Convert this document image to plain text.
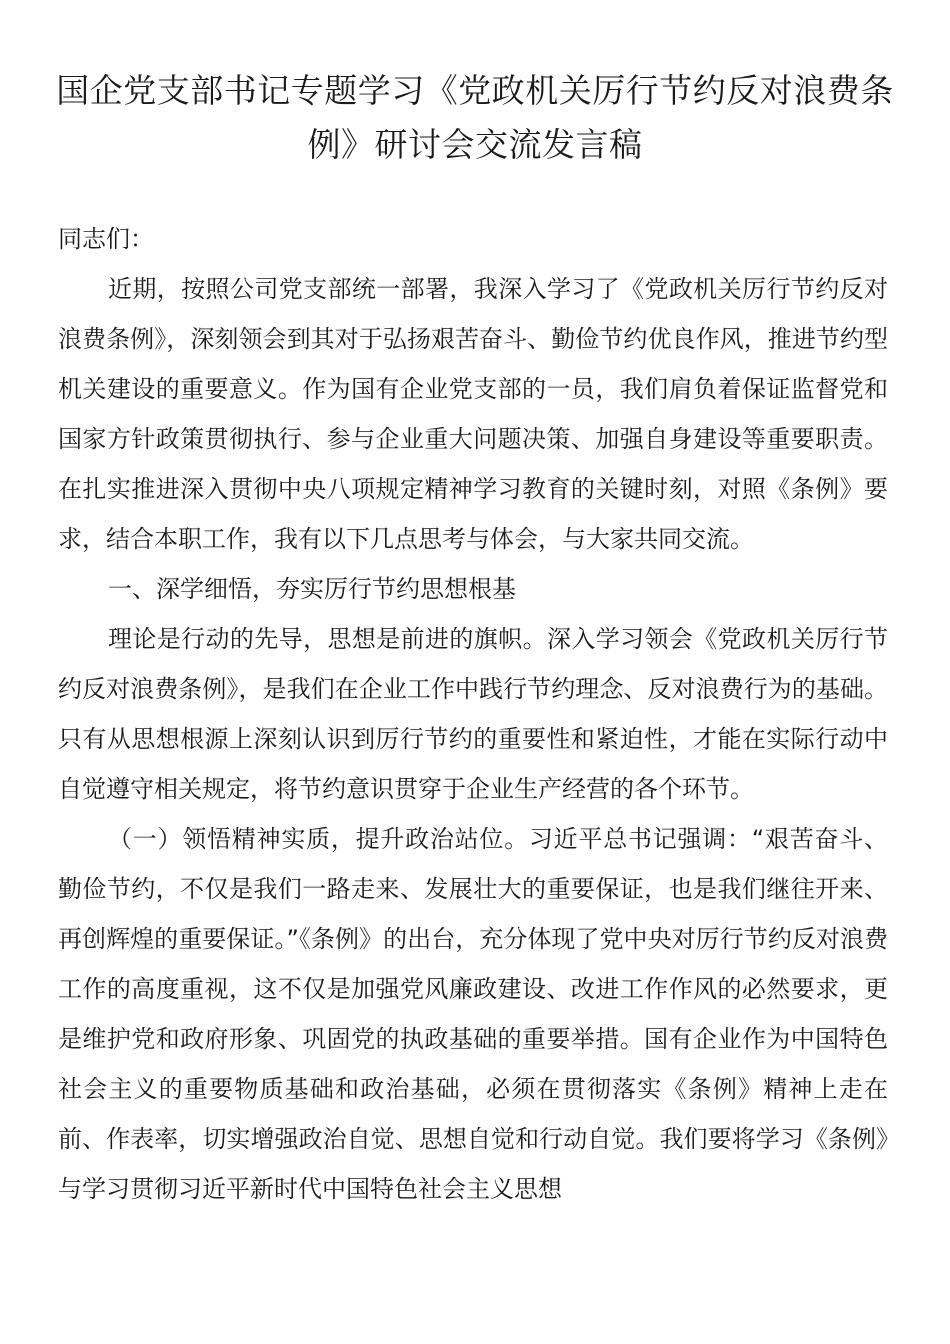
国企党支部书记专题学习《党政机关厉行节约反对浪费条例》研讨会交流发言稿

同志们：

近期，按照公司党支部统一部署，我深入学习了《党政机关厉行节约反对浪费条例》，深刻领会到其对于弘扬艰苦奋斗、勤俭节约优良作风，推进节约型机关建设的重要意义。作为国有企业党支部的一员，我们肩负着保证监督党和国家方针政策贯彻执行、参与企业重大问题决策、加强自身建设等重要职责。在扎实推进深入贯彻中央八项规定精神学习教育的关键时刻，对照《条例》要求，结合本职工作，我有以下几点思考与体会，与大家共同交流。

一、深学细悟，夯实厉行节约思想根基

理论是行动的先导，思想是前进的旗帜。深入学习领会《党政机关厉行节约反对浪费条例》，是我们在企业工作中践行节约理念、反对浪费行为的基础。只有从思想根源上深刻认识到厉行节约的重要性和紧迫性，才能在实际行动中自觉遵守相关规定，将节约意识贯穿于企业生产经营的各个环节。

（一）领悟精神实质，提升政治站位。习近平总书记强调：“艰苦奋斗、勤俭节约，不仅是我们一路走来、发展壮大的重要保证，也是我们继往开来、再创辉煌的重要保证。”《条例》的出台，充分体现了党中央对厉行节约反对浪费工作的高度重视，这不仅是加强党风廉政建设、改进工作作风的必然要求，更是维护党和政府形象、巩固党的执政基础的重要举措。国有企业作为中国特色社会主义的重要物质基础和政治基础，必须在贯彻落实《条例》精神上走在前、作表率，切实增强政治自觉、思想自觉和行动自觉。我们要将学习《条例》与学习贯彻习近平新时代中国特色社会主义思想
